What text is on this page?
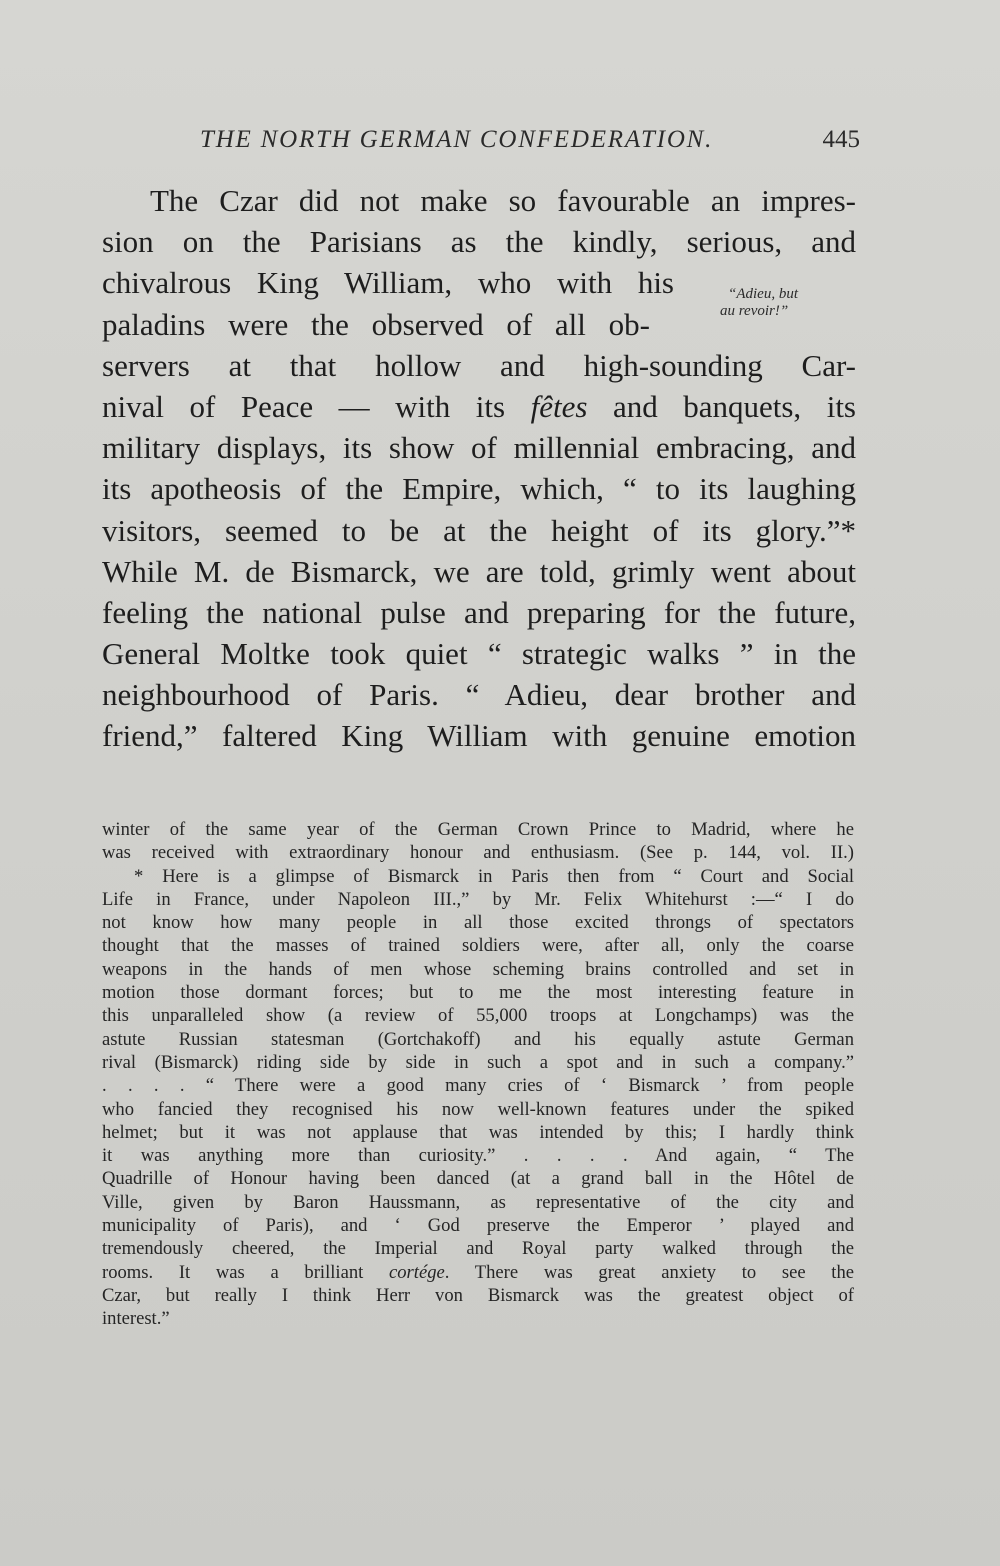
THE NORTH GERMAN CONFEDERATION.	445
“Adieu, but
au revoir!”
The Czar did not make so favourable an impres-
sion on the Parisians as the kindly, serious, and
chivalrous King William, who with his
paladins were the observed of all ob-
servers at that hollow and high-sounding Car-
nival of Peace — with its fêtes and banquets, its
military displays, its show of millennial embracing, and
its apotheosis of the Empire, which, “ to its laughing
visitors, seemed to be at the height of its glory.”*
While M. de Bismarck, we are told, grimly went about
feeling the national pulse and preparing for the future,
General Moltke took quiet “ strategic walks ” in the
neighbourhood of Paris. “ Adieu, dear brother and
friend,” faltered King William with genuine emotion
winter of the same year of the German Crown Prince to Madrid, where he
was received with extraordinary honour and enthusiasm. (See p. 144, vol. II.)
* Here is a glimpse of Bismarck in Paris then from “ Court and Social
Life in France, under Napoleon III.,” by Mr. Felix Whitehurst :—“ I do
not know how many people in all those excited throngs of spectators
thought that the masses of trained soldiers were, after all, only the coarse
weapons in the hands of men whose scheming brains controlled and set in
motion those dormant forces; but to me the most interesting feature in
this unparalleled show (a review of 55,000 troops at Longchamps) was the
astute Russian statesman (Gortchakoff) and his equally astute German
rival (Bismarck) riding side by side in such a spot and in such a company.”
. . . . “ There were a good many cries of ‘ Bismarck ’ from people
who fancied they recognised his now well-known features under the spiked
helmet; but it was not applause that was intended by this; I hardly think
it was anything more than curiosity.” . . . . And again, “ The
Quadrille of Honour having been danced (at a grand ball in the Hôtel de
Ville, given by Baron Haussmann, as representative of the city and
municipality of Paris), and ‘ God preserve the Emperor ’ played and
tremendously cheered, the Imperial and Royal party walked through the
rooms. It was a brilliant cortége. There was great anxiety to see the
Czar, but really I think Herr von Bismarck was the greatest object of
interest.”
